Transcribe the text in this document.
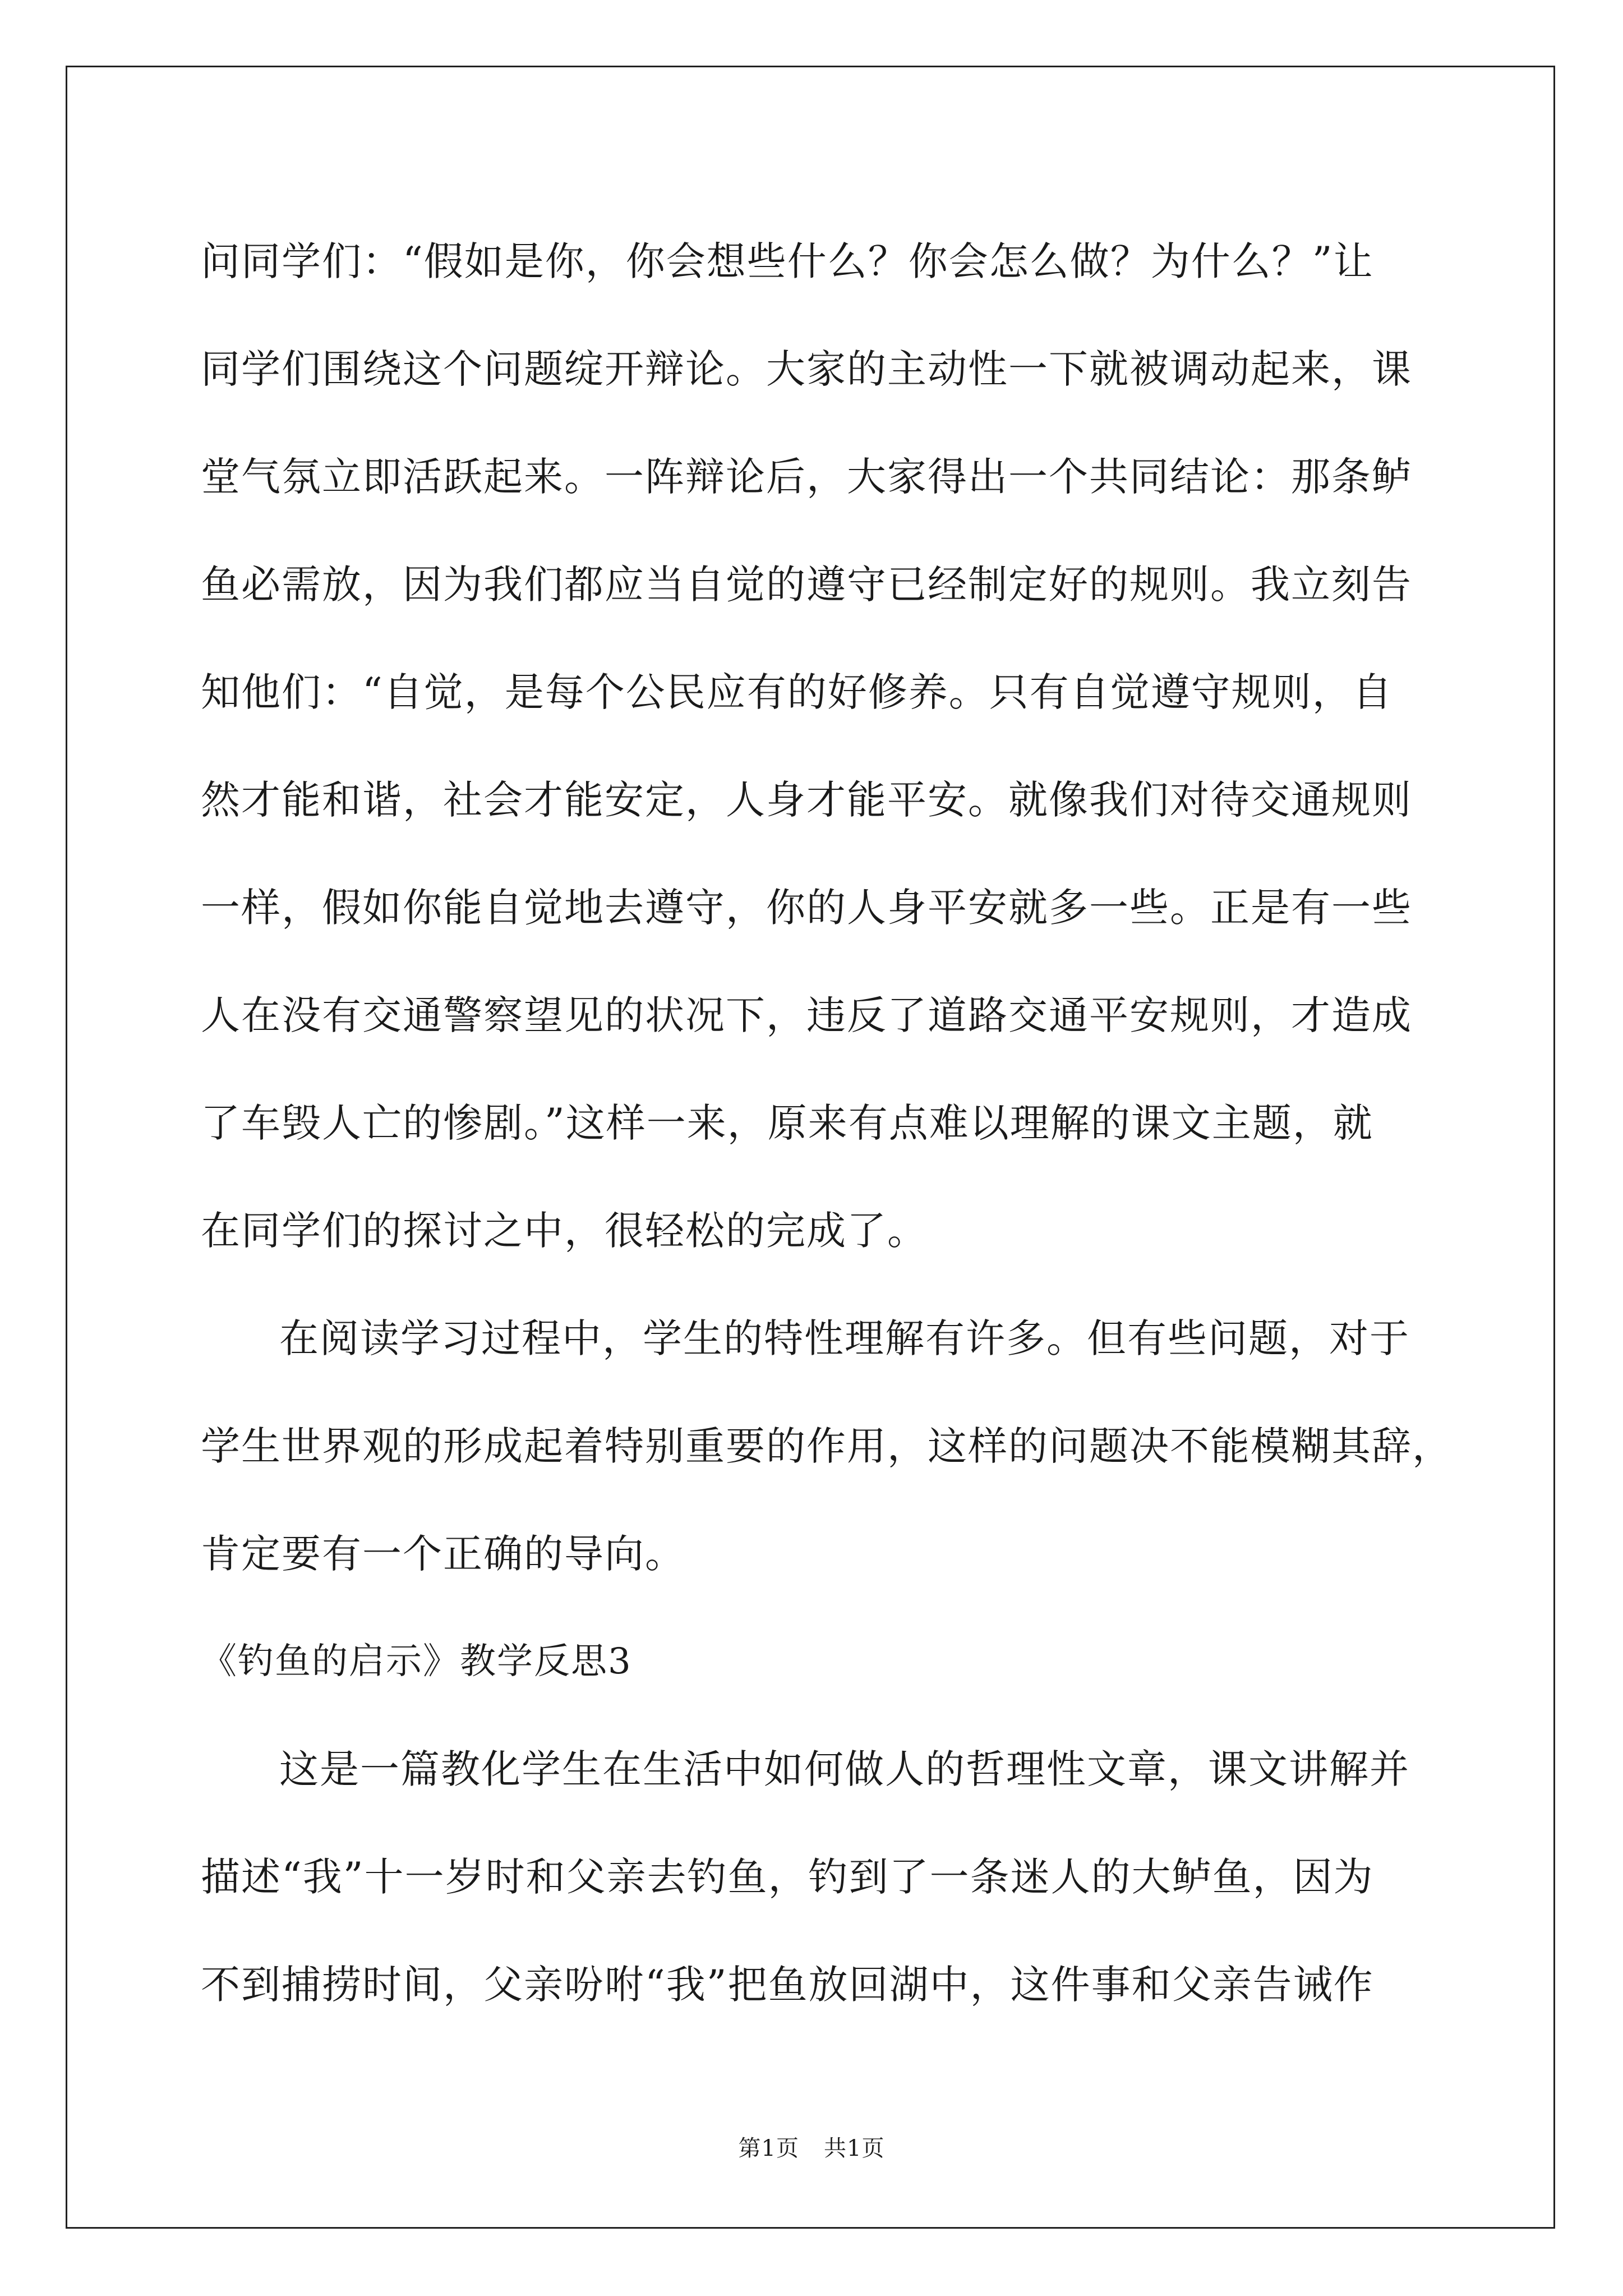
问同学们：“假如是你，你会想些什么？你会怎么做？为什么？”让
同学们围绕这个问题绽开辩论。大家的主动性一下就被调动起来，课
堂气氛立即活跃起来。一阵辩论后，大家得出一个共同结论：那条鲈
鱼必需放，因为我们都应当自觉的遵守已经制定好的规则。我立刻告
知他们：“自觉，是每个公民应有的好修养。只有自觉遵守规则，自
然才能和谐，社会才能安定，人身才能平安。就像我们对待交通规则
一样，假如你能自觉地去遵守，你的人身平安就多一些。正是有一些
人在没有交通警察望见的状况下，违反了道路交通平安规则，才造成
了车毁人亡的惨剧。”这样一来，原来有点难以理解的课文主题，就
在同学们的探讨之中，很轻松的完成了。
在阅读学习过程中，学生的特性理解有许多。但有些问题，对于
学生世界观的形成起着特别重要的作用，这样的问题决不能模糊其辞，
肯定要有一个正确的导向。
《钓鱼的启示》教学反思3
这是一篇教化学生在生活中如何做人的哲理性文章，课文讲解并
描述“我”十一岁时和父亲去钓鱼，钓到了一条迷人的大鲈鱼，因为
不到捕捞时间，父亲吩咐“我”把鱼放回湖中，这件事和父亲告诫作
第1页 共1页
